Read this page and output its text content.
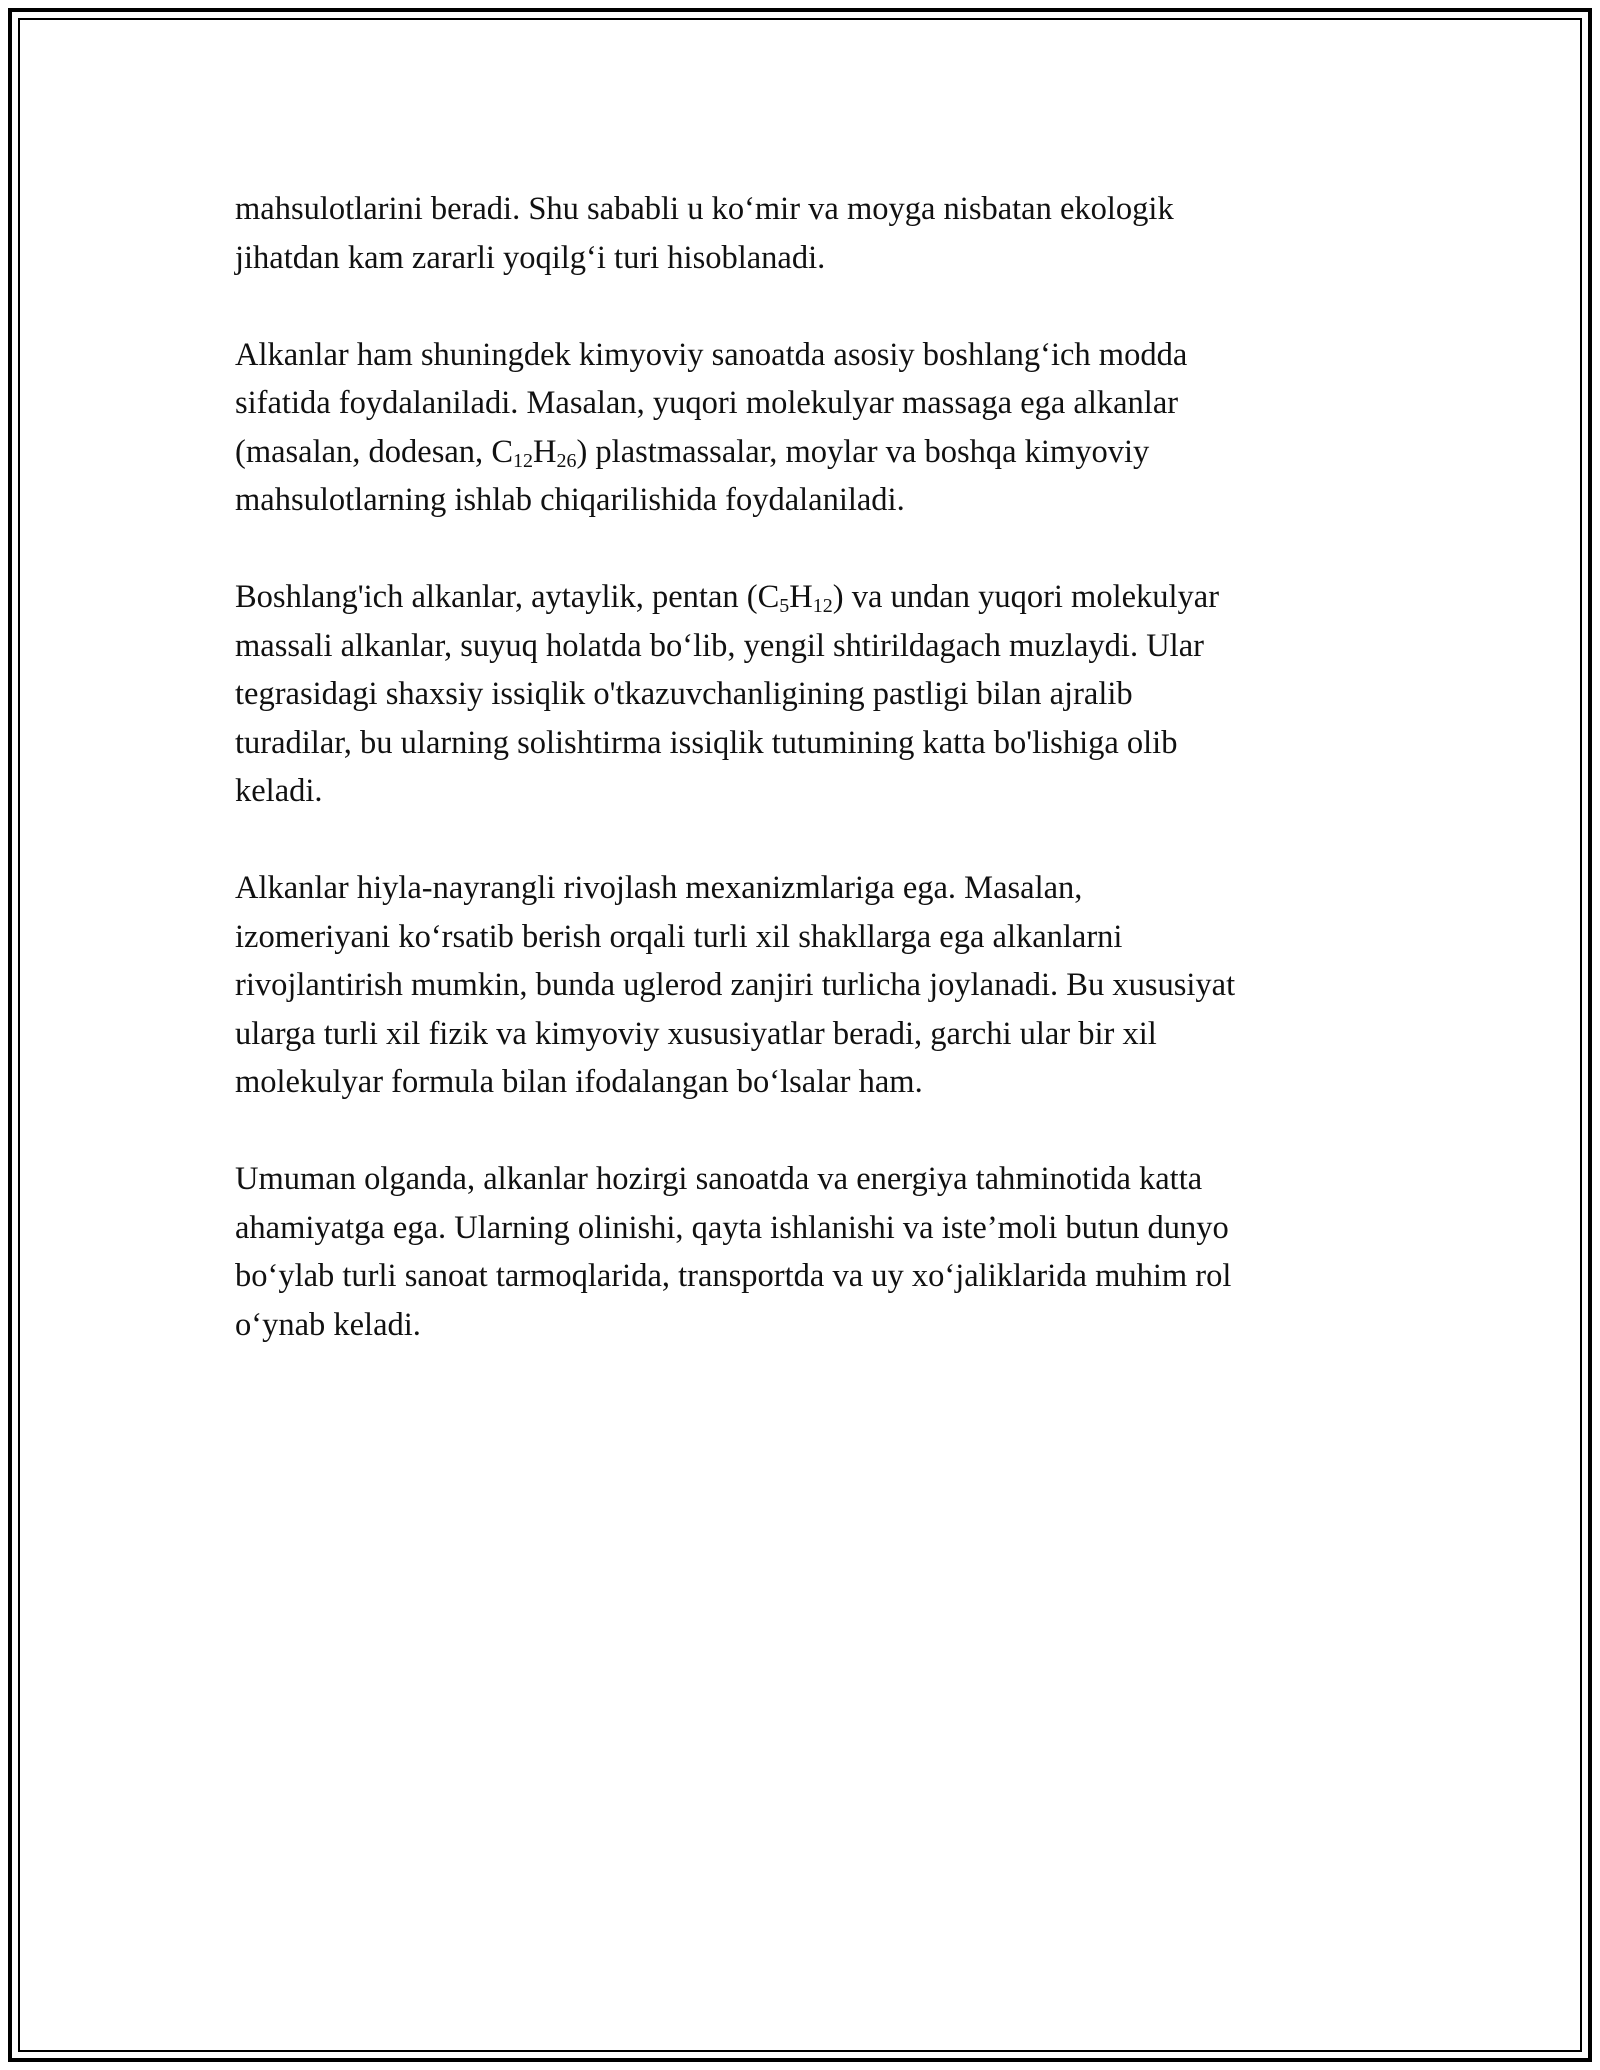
mahsulotlarini beradi. Shu sababli u ko‘mir va moyga nisbatan ekologik
jihatdan kam zararli yoqilg‘i turi hisoblanadi.

Alkanlar ham shuningdek kimyoviy sanoatda asosiy boshlang‘ich modda
sifatida foydalaniladi. Masalan, yuqori molekulyar massaga ega alkanlar
(masalan, dodesan, $C_{12}H_{26}$) plastmassalar, moylar va boshqa kimyoviy
mahsulotlarning ishlab chiqarilishida foydalaniladi.

Boshlang'ich alkanlar, aytaylik, pentan $(C_5H_{12})$ va undan yuqori molekulyar
massali alkanlar, suyuq holatda bo‘lib, yengil shtirildagach muzlaydi. Ular
tegrasidagi shaxsiy issiqlik o'tkazuvchanligining pastligi bilan ajralib
turadilar, bu ularning solishtirma issiqlik tutumining katta bo'lishiga olib
keladi.

Alkanlar hiyla-nayrangli rivojlash mexanizmlariga ega. Masalan,
izomeriyani ko‘rsatib berish orqali turli xil shakllarga ega alkanlarni
rivojlantirish mumkin, bunda uglerod zanjiri turlicha joylanadi. Bu xususiyat
ularga turli xil fizik va kimyoviy xususiyatlar beradi, garchi ular bir xil
molekulyar formula bilan ifodalangan bo‘lsalar ham.

Umuman olganda, alkanlar hozirgi sanoatda va energiya tahminotida katta
ahamiyatga ega. Ularning olinishi, qayta ishlanishi va iste’moli butun dunyo
bo‘ylab turli sanoat tarmoqlarida, transportda va uy xo‘jaliklarida muhim rol
o‘ynab keladi.
